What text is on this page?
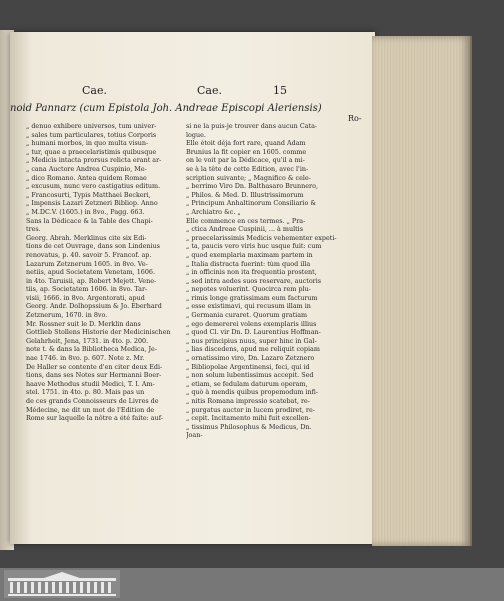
Cae.	Cae.	15
noid Pannarz (cum Epistola Joh. Andreae Episcopi Aleriensis)
Ro-
„ denuo exhibere universos, tum univer-
„ sales tum particulares, totius Corporis
„ humani morbos, in quo multa visun-
„ tur, quae a praecelaristimis quibusque
„ Medicis intacta prorsus relicta erant ar-
„ cana Auctore Andrea Cuspinio, Me-
„ dico Romano. Antea quidem Romae
„ excusum, nunc vero castigatius editum.
„ Francosurti, Typis Matthaei Beckeri,
„ Impensis Lazari Zetzneri Bibliop. Anno
„ M.DC.V. (1605.) in 8vo., Pagg. 663.
Sans la Dédicace & la Table des Chapi-
tres.
Georg. Abrah. Merklinus cite six Edi-
tions de cet Ouvrage, dans son Lindenius
renovatus, p. 40. savoir 5. Francof. ap.
Lazarum Zetznerum 1605. in 8vo. Ve-
netiis, apud Societatem Venetam, 1606.
in 4to. Taruisii, ap. Robert Mejett. Vene-
tiis, ap. Societatem 1606. in 8vo. Tar-
visii, 1666. in 8vo. Argentorati, apud
Georg. Andr. Dolhopssium & Jo. Eberhard
Zetznerum, 1670. in 8vo.
Mr. Rossner suit le D. Merklin dans
Gottlieb Stollens Historie der Medicinischen
Gelahrheit, Jena, 1731. in 4to. p. 200.
note t. & dans la Bibliotheca Medica, Je-
nae 1746. in 8vo. p. 607. Note z. Mr.
De Haller se contente d'en citer deux Edi-
tions, dans ses Notes sur Hermanni Boer-
haave Methodus studii Medici, T. I. Am-
stel. 1751. in 4to. p. 80. Mais pas un
de ces grands Connoisseurs de Livres de
Médecine, ne dit un mot de l'Edition de
Rome sur laquelle la nôtre a été faite: auf-
si ne la puis-je trouver dans aucun Cata-
logue.
Elle étoit déja fort rare, quand Adam
Brunius la fit copier en 1605. comme
on le voit par la Dédicace, qu'il a mi-
se à la tête de cette Edition, avec l'in-
scription suivante; „ Magnifico & cele-
„ berrimo Viro Dn. Balthasaro Brunnero,
„ Philos. & Med. D. Illustrissimorum
„ Principum Anhaltinorum Consiliario &
„ Archiatro &c. „
Elle commence en ces termes. „ Pra-
„ ctica Andreae Cuspinii, ... à multis
„ praecelarissimis Medicis vehementer expeti-
„ ta, paucis vero viris huc usque fuit: cum
„ quod exemplaria maximam partem in
„ Italia distracta fuerint: tùm quod illa
„ in officinis non ita frequentia prostent,
„ sed intra aedes suos reservare, auctoris
„ nepotes voluerint. Quocirca rem plu-
„ rimis longe gratissimam eum facturum
„ esse existimavi, qui recusum illam in
„ Germania curaret. Quorum gratiam
„ ego demererei volens exemplaris illius
„ quod Cl. vir Dn. D. Laurentius Hoffman-
„ nus principius nuus, super hinc in Gal-
„ lias discedens, apud me reliquit copiam
„ ornatissimo viro, Dn. Lazaro Zetznero
„ Bibliopolae Argentinensi, feci, qui id
„ non solum lubentissimus accepit. Sed
„ etiam, se fedulam daturum operam,
„ quò à mendis quibus propemodum infi-
„ nitis Romana impressio scatebat, re-
„ purgatus auctor in lucem prodiret, re-
„ cepit. Incitamento mihi fuit excellen-
„ tissimus Philosophus & Medicus, Dn.
Joan-
